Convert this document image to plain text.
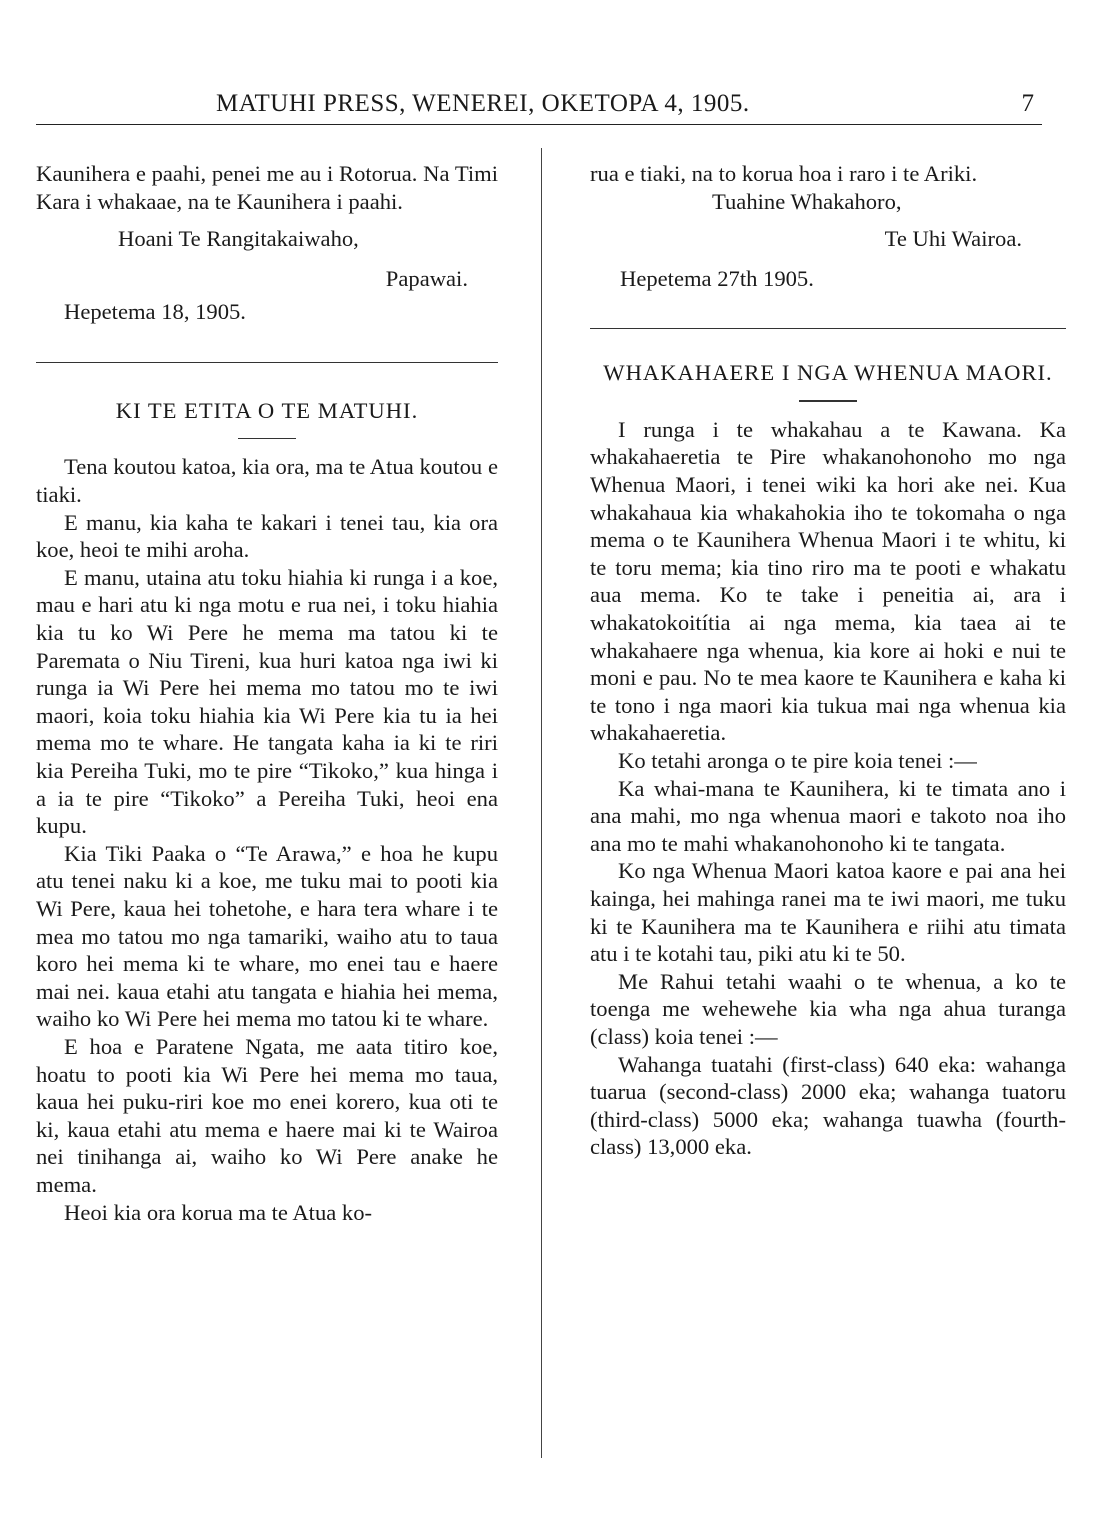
MATUHI PRESS, WENEREI, OKETOPA 4, 1905.	7

Kaunihera e paahi, penei me au i Rotorua. Na Timi Kara i whakaae, na te Kaunihera i paahi.

Hoani Te Rangitakaiwaho,

Papawai.

Hepetema 18, 1905.

KI TE ETITA O TE MATUHI.

Tena koutou katoa, kia ora, ma te Atua koutou e tiaki.

E manu, kia kaha te kakari i tenei tau, kia ora koe, heoi te mihi aroha.

E manu, utaina atu toku hiahia ki runga i a koe, mau e hari atu ki nga motu e rua nei, i toku hiahia kia tu ko Wi Pere he mema ma tatou ki te Paremata o Niu Tireni, kua huri katoa nga iwi ki runga ia Wi Pere hei mema mo tatou mo te iwi maori, koia toku hiahia kia Wi Pere kia tu ia hei mema mo te whare. He tangata kaha ia ki te riri kia Pereiha Tuki, mo te pire “Tikoko,” kua hinga i a ia te pire “Tikoko” a Pereiha Tuki, heoi ena kupu.

Kia Tiki Paaka o “Te Arawa,” e hoa he kupu atu tenei naku ki a koe, me tuku mai to pooti kia Wi Pere, kaua hei tohetohe, e hara tera whare i te mea mo tatou mo nga tamariki, waiho atu to taua koro hei mema ki te whare, mo enei tau e haere mai nei. kaua etahi atu tangata e hiahia hei mema, waiho ko Wi Pere hei mema mo tatou ki te whare.

E hoa e Paratene Ngata, me aata titiro koe, hoatu to pooti kia Wi Pere hei mema mo taua, kaua hei puku-riri koe mo enei korero, kua oti te ki, kaua etahi atu mema e haere mai ki te Wairoa nei tinihanga ai, waiho ko Wi Pere anake he mema.

Heoi kia ora korua ma te Atua ko-

rua e tiaki, na to korua hoa i raro i te Ariki.

Tuahine Whakahoro,

Te Uhi Wairoa.

Hepetema 27th 1905.

WHAKAHAERE I NGA WHENUA MAORI.

I runga i te whakahau a te Kawana. Ka whakahaeretia te Pire whakanohonoho mo nga Whenua Maori, i tenei wiki ka hori ake nei. Kua whakahaua kia whakahokia iho te tokomaha o nga mema o te Kaunihera Whenua Maori i te whitu, ki te toru mema; kia tino riro ma te pooti e whakatu aua mema. Ko te take i peneitia ai, ara i whakatokoitítia ai nga mema, kia taea ai te whakahaere nga whenua, kia kore ai hoki e nui te moni e pau. No te mea kaore te Kaunihera e kaha ki te tono i nga maori kia tukua mai nga whenua kia whakahaeretia.

Ko tetahi aronga o te pire koia tenei :—

Ka whai-mana te Kaunihera, ki te timata ano i ana mahi, mo nga whenua maori e takoto noa iho ana mo te mahi whakanohonoho ki te tangata.

Ko nga Whenua Maori katoa kaore e pai ana hei kainga, hei mahinga ranei ma te iwi maori, me tuku ki te Kaunihera ma te Kaunihera e riihi atu timata atu i te kotahi tau, piki atu ki te 50.

Me Rahui tetahi waahi o te whenua, a ko te toenga me wehewehe kia wha nga ahua turanga (class) koia tenei :—

Wahanga tuatahi (first-class) 640 eka: wahanga tuarua (second-class) 2000 eka; wahanga tuatoru (third-class) 5000 eka; wahanga tuawha (fourth-class) 13,000 eka.
